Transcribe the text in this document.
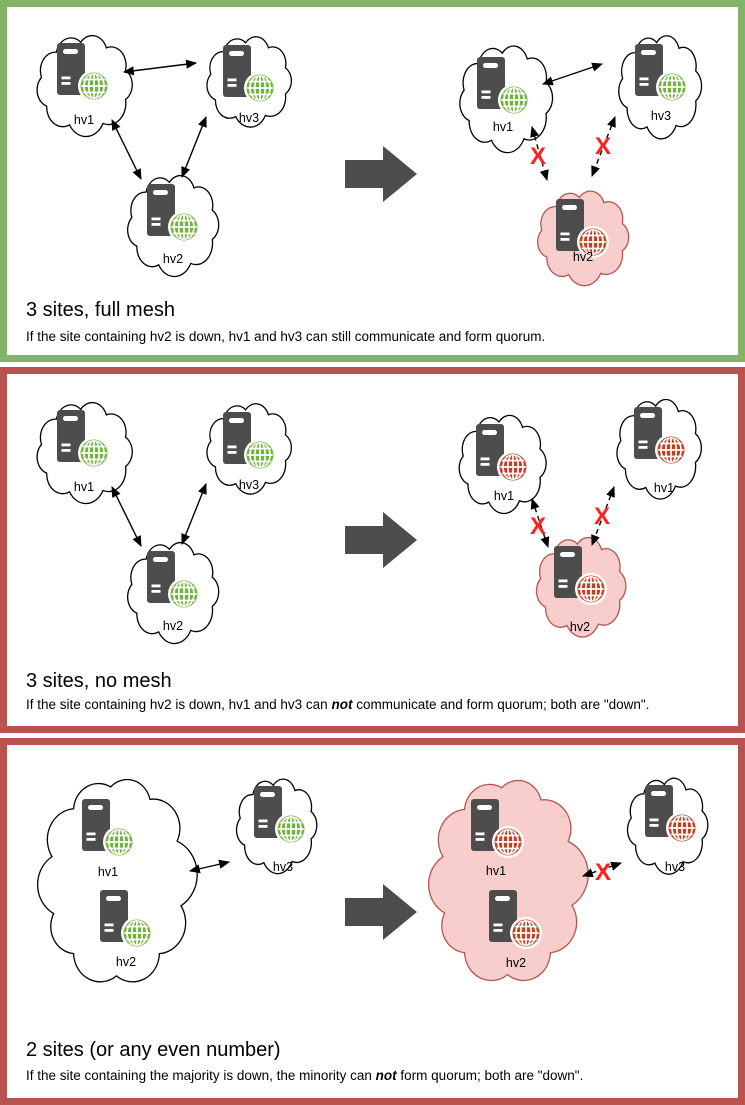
hv1	hv3
hv2
hv1
hv3
hv2
X X
3 sites, full mesh

If the site containing hv2 is down, hv1 and hv3 can still communicate and form quorum.

hv1	hv3
hv2
hv1
hv1
hv2
X X
3 sites, no mesh

If the site containing hv2 is down, hv1 and hv3 can not communicate and form quorum; both are "down".

hv1
hv2
hv3	hv1
hv2
hv3
X
2 sites (or any even number)

If the site containing the majority is down, the minority can not form quorum; both are "down".
